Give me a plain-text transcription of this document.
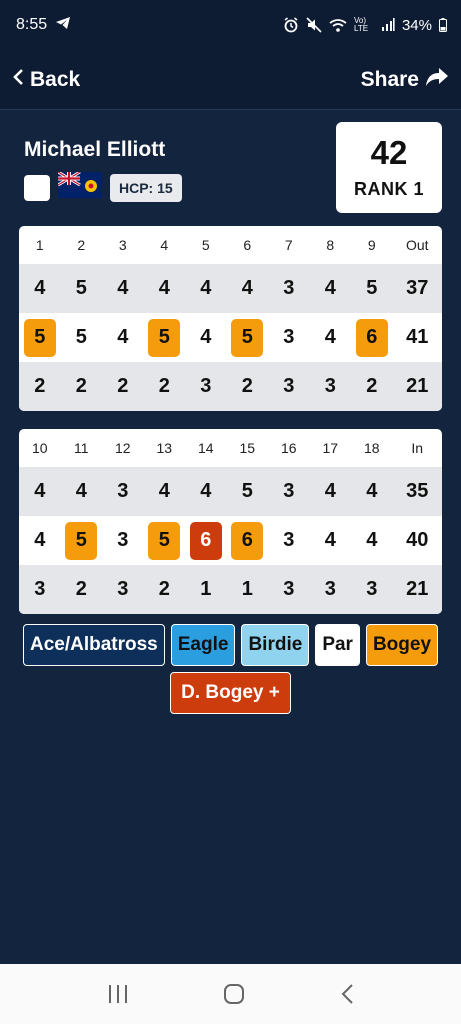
8:55	Vo) LTE	34%
Back	Share
Michael Elliott
HCP: 15
42
RANK 1
1	2	3	4	5	6	7	8	9	Out
4	5	4	4	4	4	3	4	5	37
5	5	4	5	4	5	3	4	6	41
2	2	2	2	3	2	3	3	2	21
10	11	12	13	14	15	16	17	18	In
4	4	3	4	4	5	3	4	4	35
4	5	3	5	6	6	3	4	4	40
3	2	3	2	1	1	3	3	3	21
Ace/Albatross	Eagle	Birdie	Par	Bogey
D. Bogey +
